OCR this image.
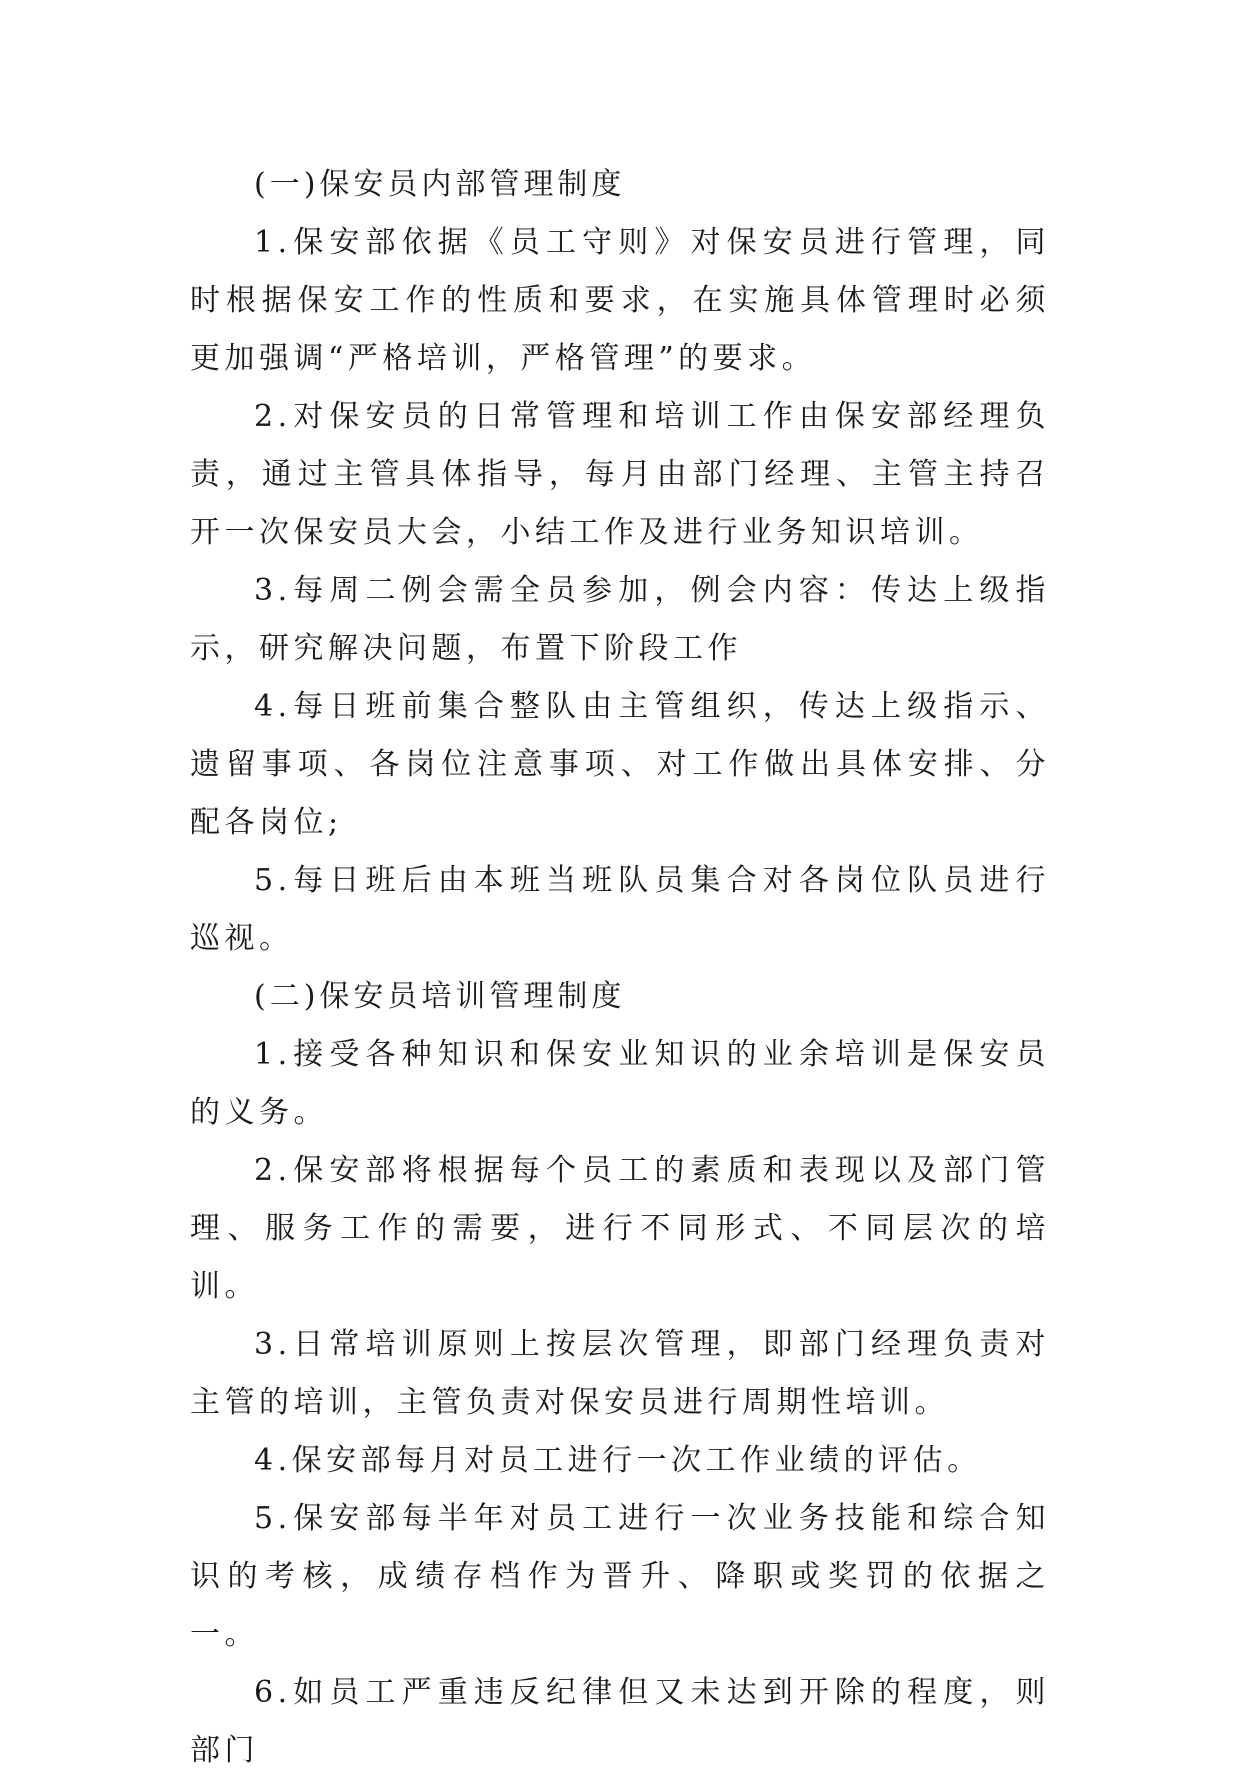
(一)保安员内部管理制度

1.保安部依据《员工守则》对保安员进行管理，同时根据保安工作的性质和要求，在实施具体管理时必须更加强调“严格培训，严格管理”的要求。

2.对保安员的日常管理和培训工作由保安部经理负责，通过主管具体指导，每月由部门经理、主管主持召开一次保安员大会，小结工作及进行业务知识培训。

3.每周二例会需全员参加，例会内容：传达上级指示，研究解决问题，布置下阶段工作

4.每日班前集合整队由主管组织，传达上级指示、遗留事项、各岗位注意事项、对工作做出具体安排、分配各岗位;

5.每日班后由本班当班队员集合对各岗位队员进行巡视。

(二)保安员培训管理制度

1.接受各种知识和保安业知识的业余培训是保安员的义务。

2.保安部将根据每个员工的素质和表现以及部门管理、服务工作的需要，进行不同形式、不同层次的培训。

3.日常培训原则上按层次管理，即部门经理负责对主管的培训，主管负责对保安员进行周期性培训。

4.保安部每月对员工进行一次工作业绩的评估。

5.保安部每半年对员工进行一次业务技能和综合知识的考核，成绩存档作为晋升、降职或奖罚的依据之一。

6.如员工严重违反纪律但又未达到开除的程度，则部门
